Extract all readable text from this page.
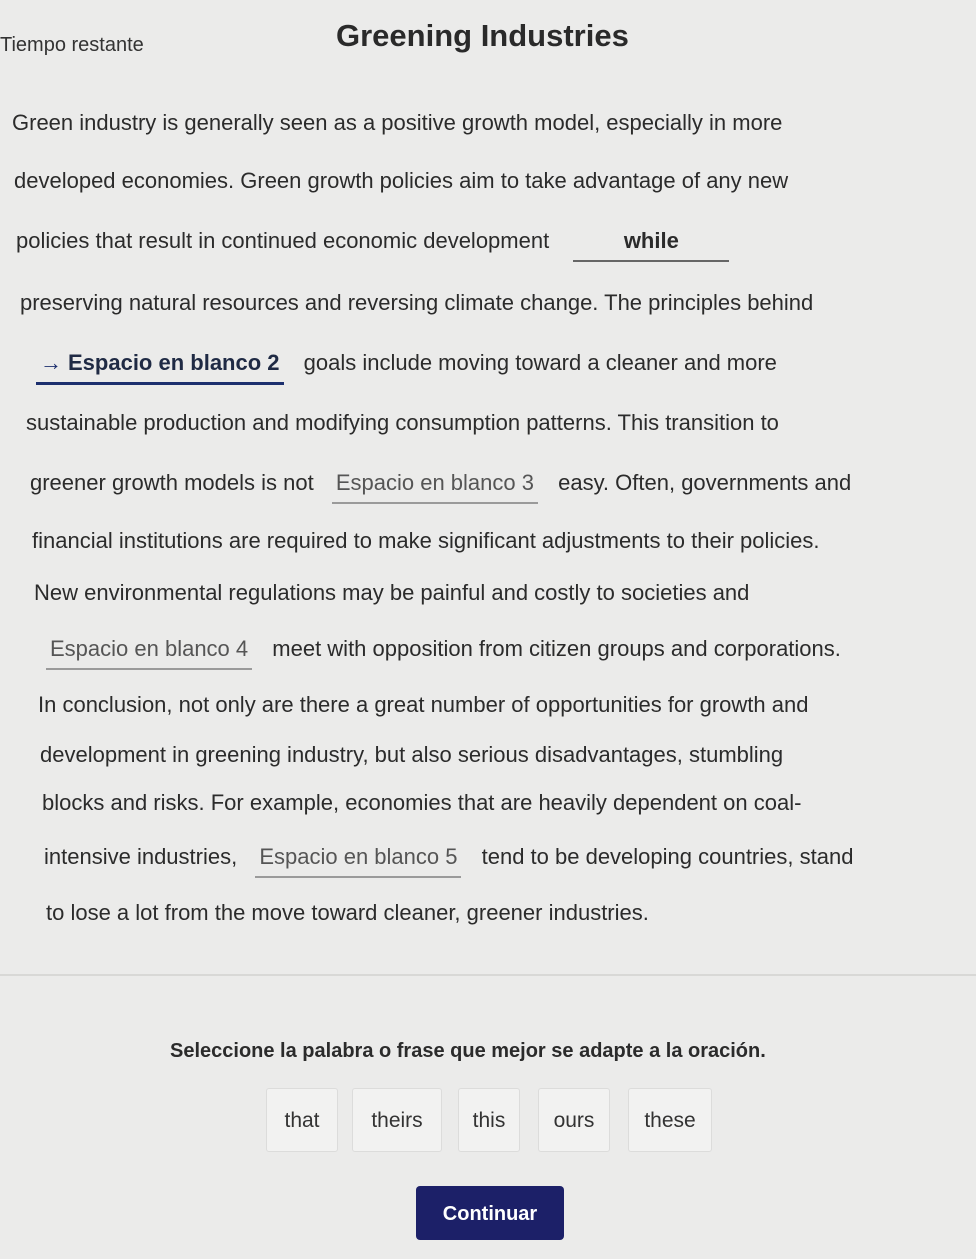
Tiempo restante	Greening Industries
Green industry is generally seen as a positive growth model, especially in more
developed economies. Green growth policies aim to take advantage of any new
policies that result in continued economic development	while
preserving natural resources and reversing climate change. The principles behind
→ Espacio en blanco 2 goals include moving toward a cleaner and more
sustainable production and modifying consumption patterns. This transition to
greener growth models is not Espacio en blanco 3 easy. Often, governments and
financial institutions are required to make significant adjustments to their policies.
New environmental regulations may be painful and costly to societies and
Espacio en blanco 4 meet with opposition from citizen groups and corporations.
In conclusion, not only are there a great number of opportunities for growth and
development in greening industry, but also serious disadvantages, stumbling
blocks and risks. For example, economies that are heavily dependent on coal-
intensive industries, Espacio en blanco 5 tend to be developing countries, stand
to lose a lot from the move toward cleaner, greener industries.
Seleccione la palabra o frase que mejor se adapte a la oración.
that	theirs	this	ours	these
Continuar
